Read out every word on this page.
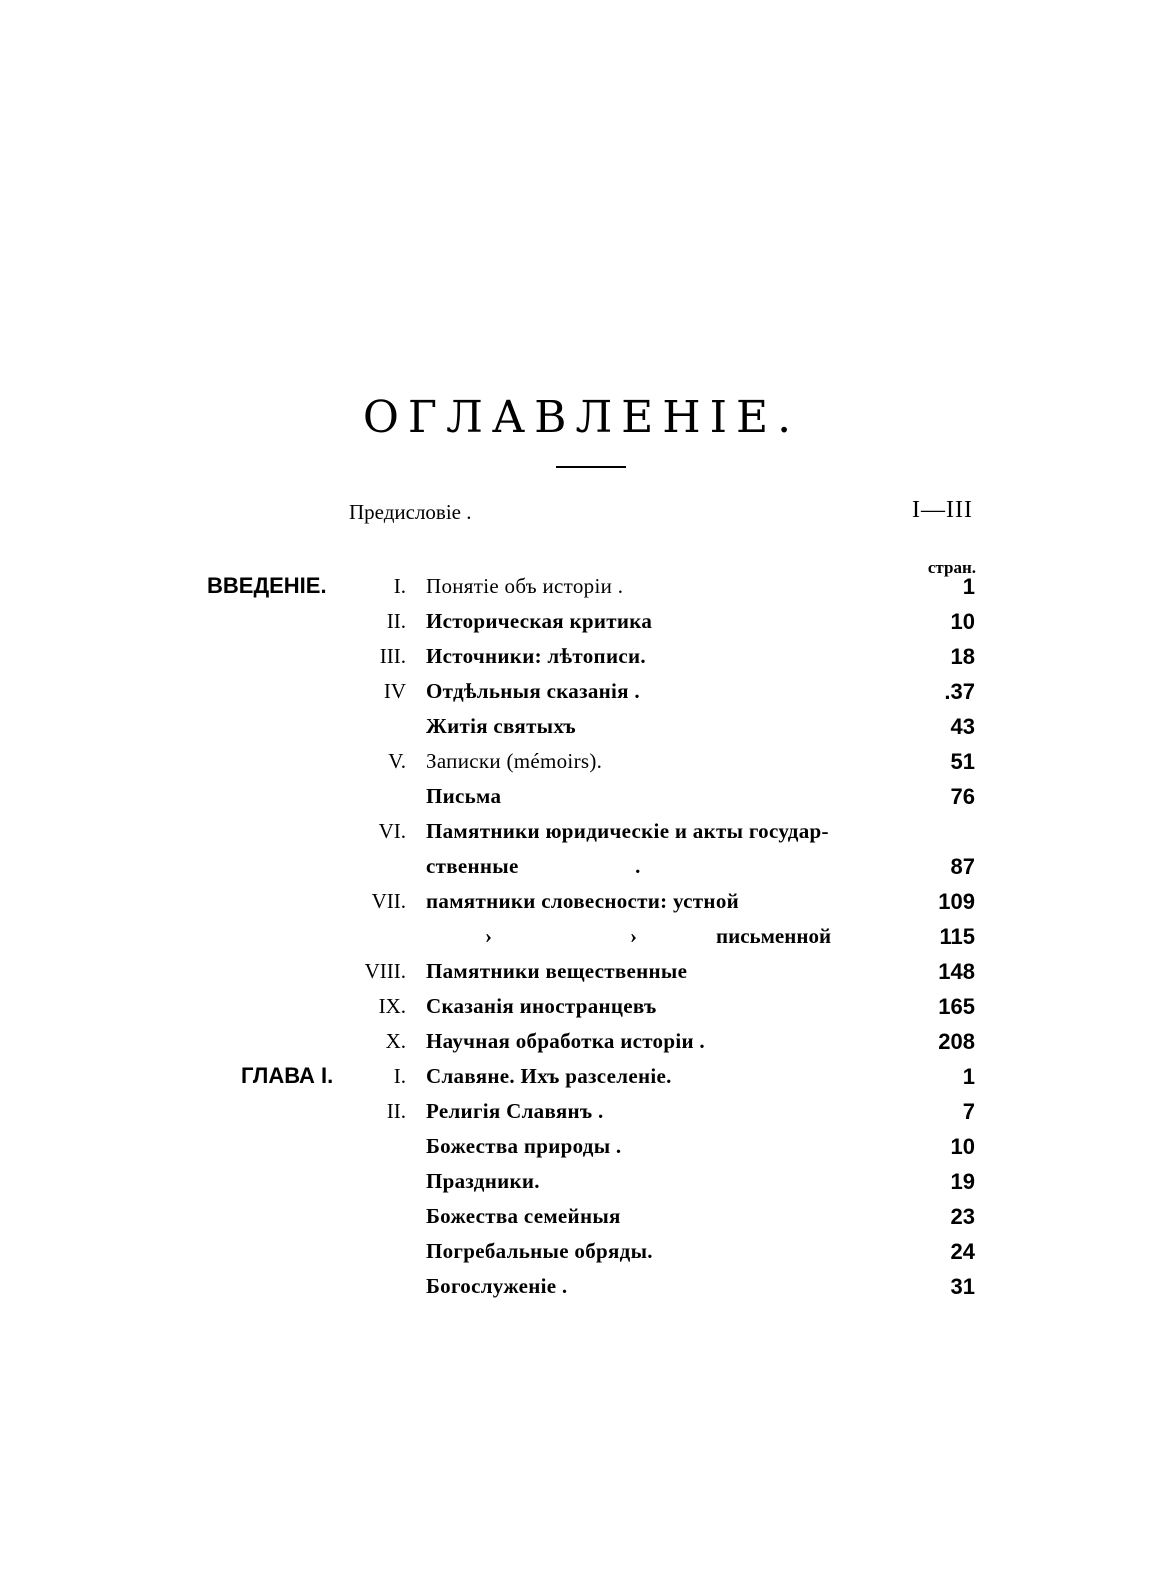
ОГЛАВЛЕНІЕ.
Предисловіе .	I—III
стран.
ВВЕДЕНІЕ.	I. Понятіе объ исторіи .	1
II. Историческая критика	10
III. Источники: лѣтописи.	18
IV Отдѣльныя сказанія .	.37
Житія святыхъ	43
V. Записки (mémoirs).	51
Письма	76
VI. Памятники юридическіе и акты государ-
ственные                     .	87
VII. памятники словесности: устной	109
›	›	письменной	115
VIII. Памятники вещественные	148
IX. Сказанія иностранцевъ	165
X. Научная обработка исторіи .	208
ГЛАВА I.	I. Славяне. Ихъ разселеніе.	1
II. Религія Славянъ .	7
Божества природы .	10
Праздники.	19
Божества семейныя	23
Погребальные обряды.	24
Богослуженіе .	31
